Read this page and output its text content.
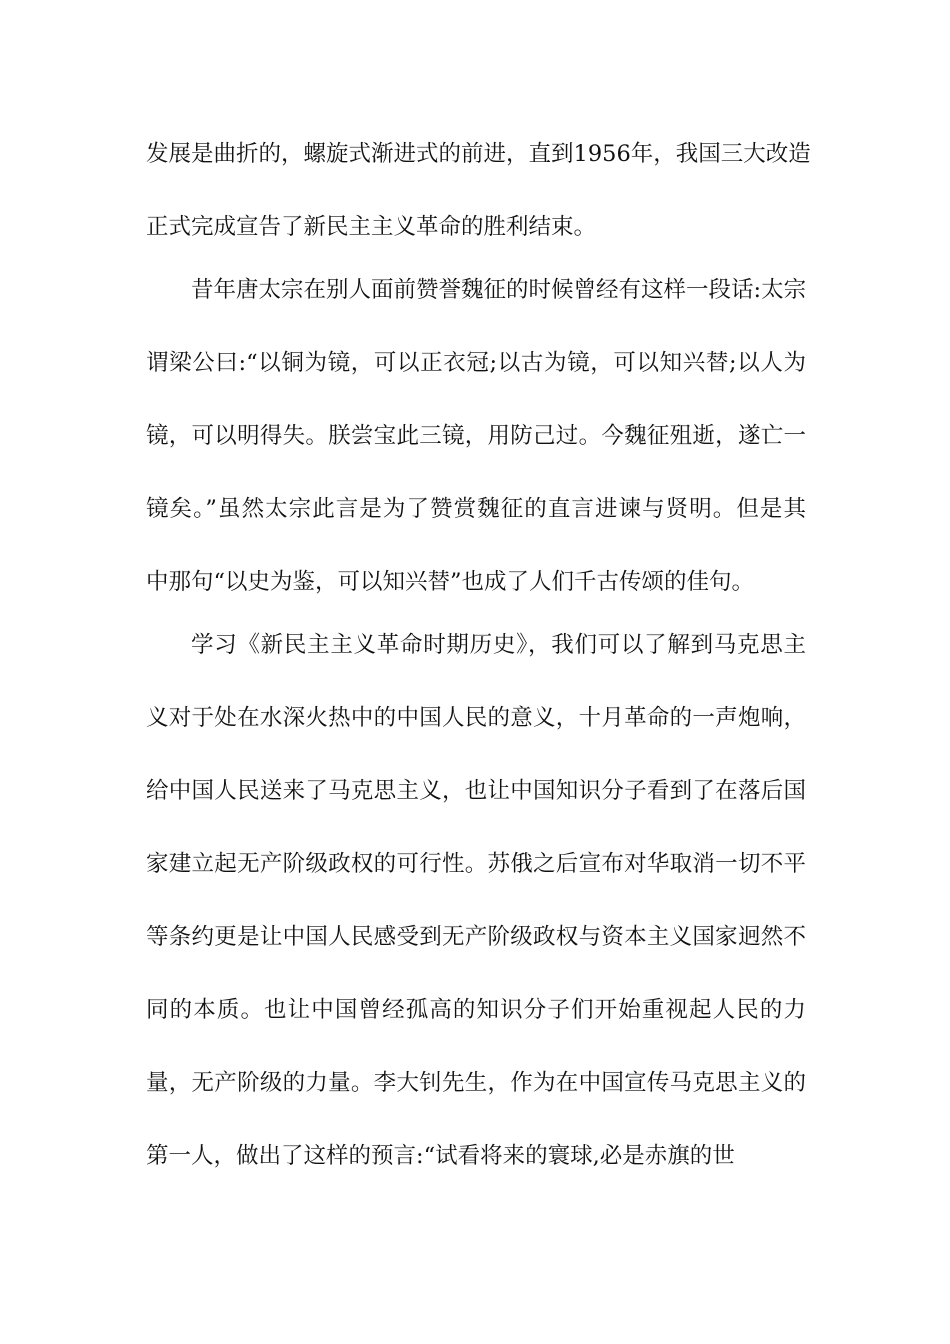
发展是曲折的，螺旋式渐进式的前进，直到1956年，我国三大改造
正式完成宣告了新民主主义革命的胜利结束。
昔年唐太宗在别人面前赞誉魏征的时候曾经有这样一段话:太宗
谓梁公曰:“以铜为镜，可以正衣冠;以古为镜，可以知兴替;以人为
镜，可以明得失。朕尝宝此三镜，用防己过。今魏征殂逝，遂亡一
镜矣。”虽然太宗此言是为了赞赏魏征的直言进谏与贤明。但是其
中那句“以史为鉴，可以知兴替”也成了人们千古传颂的佳句。
学习《新民主主义革命时期历史》，我们可以了解到马克思主
义对于处在水深火热中的中国人民的意义，十月革命的一声炮响，
给中国人民送来了马克思主义，也让中国知识分子看到了在落后国
家建立起无产阶级政权的可行性。苏俄之后宣布对华取消一切不平
等条约更是让中国人民感受到无产阶级政权与资本主义国家迥然不
同的本质。也让中国曾经孤高的知识分子们开始重视起人民的力
量，无产阶级的力量。李大钊先生，作为在中国宣传马克思主义的
第一人，做出了这样的预言:“试看将来的寰球,必是赤旗的世
